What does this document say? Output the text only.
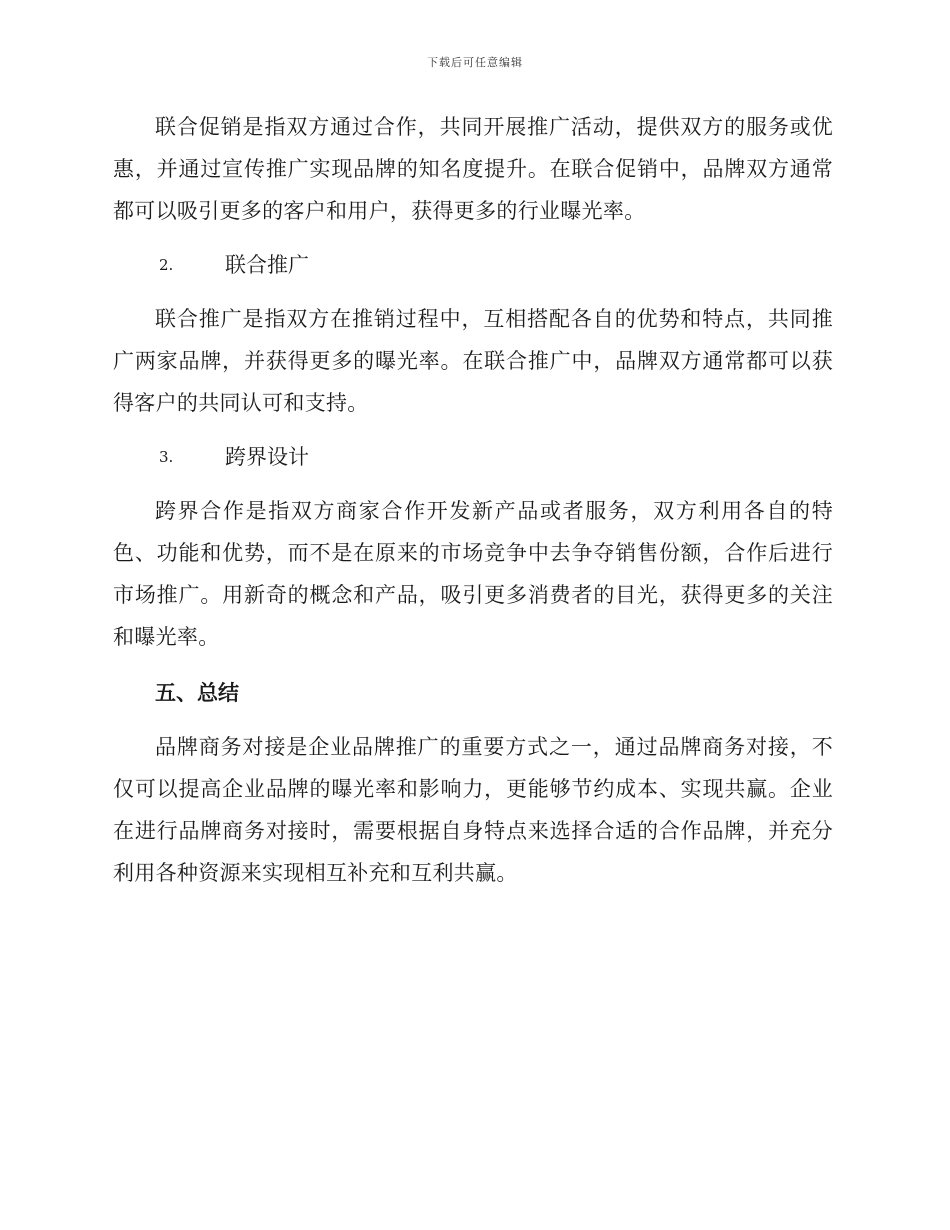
下载后可任意编辑

联合促销是指双方通过合作，共同开展推广活动，提供双方的服务或优惠，并通过宣传推广实现品牌的知名度提升。在联合促销中，品牌双方通常都可以吸引更多的客户和用户，获得更多的行业曝光率。

2.	联合推广

联合推广是指双方在推销过程中，互相搭配各自的优势和特点，共同推广两家品牌，并获得更多的曝光率。在联合推广中，品牌双方通常都可以获得客户的共同认可和支持。

3.	跨界设计

跨界合作是指双方商家合作开发新产品或者服务，双方利用各自的特色、功能和优势，而不是在原来的市场竞争中去争夺销售份额，合作后进行市场推广。用新奇的概念和产品，吸引更多消费者的目光，获得更多的关注和曝光率。

五、总结

品牌商务对接是企业品牌推广的重要方式之一，通过品牌商务对接，不仅可以提高企业品牌的曝光率和影响力，更能够节约成本、实现共赢。企业在进行品牌商务对接时，需要根据自身特点来选择合适的合作品牌，并充分利用各种资源来实现相互补充和互利共赢。
